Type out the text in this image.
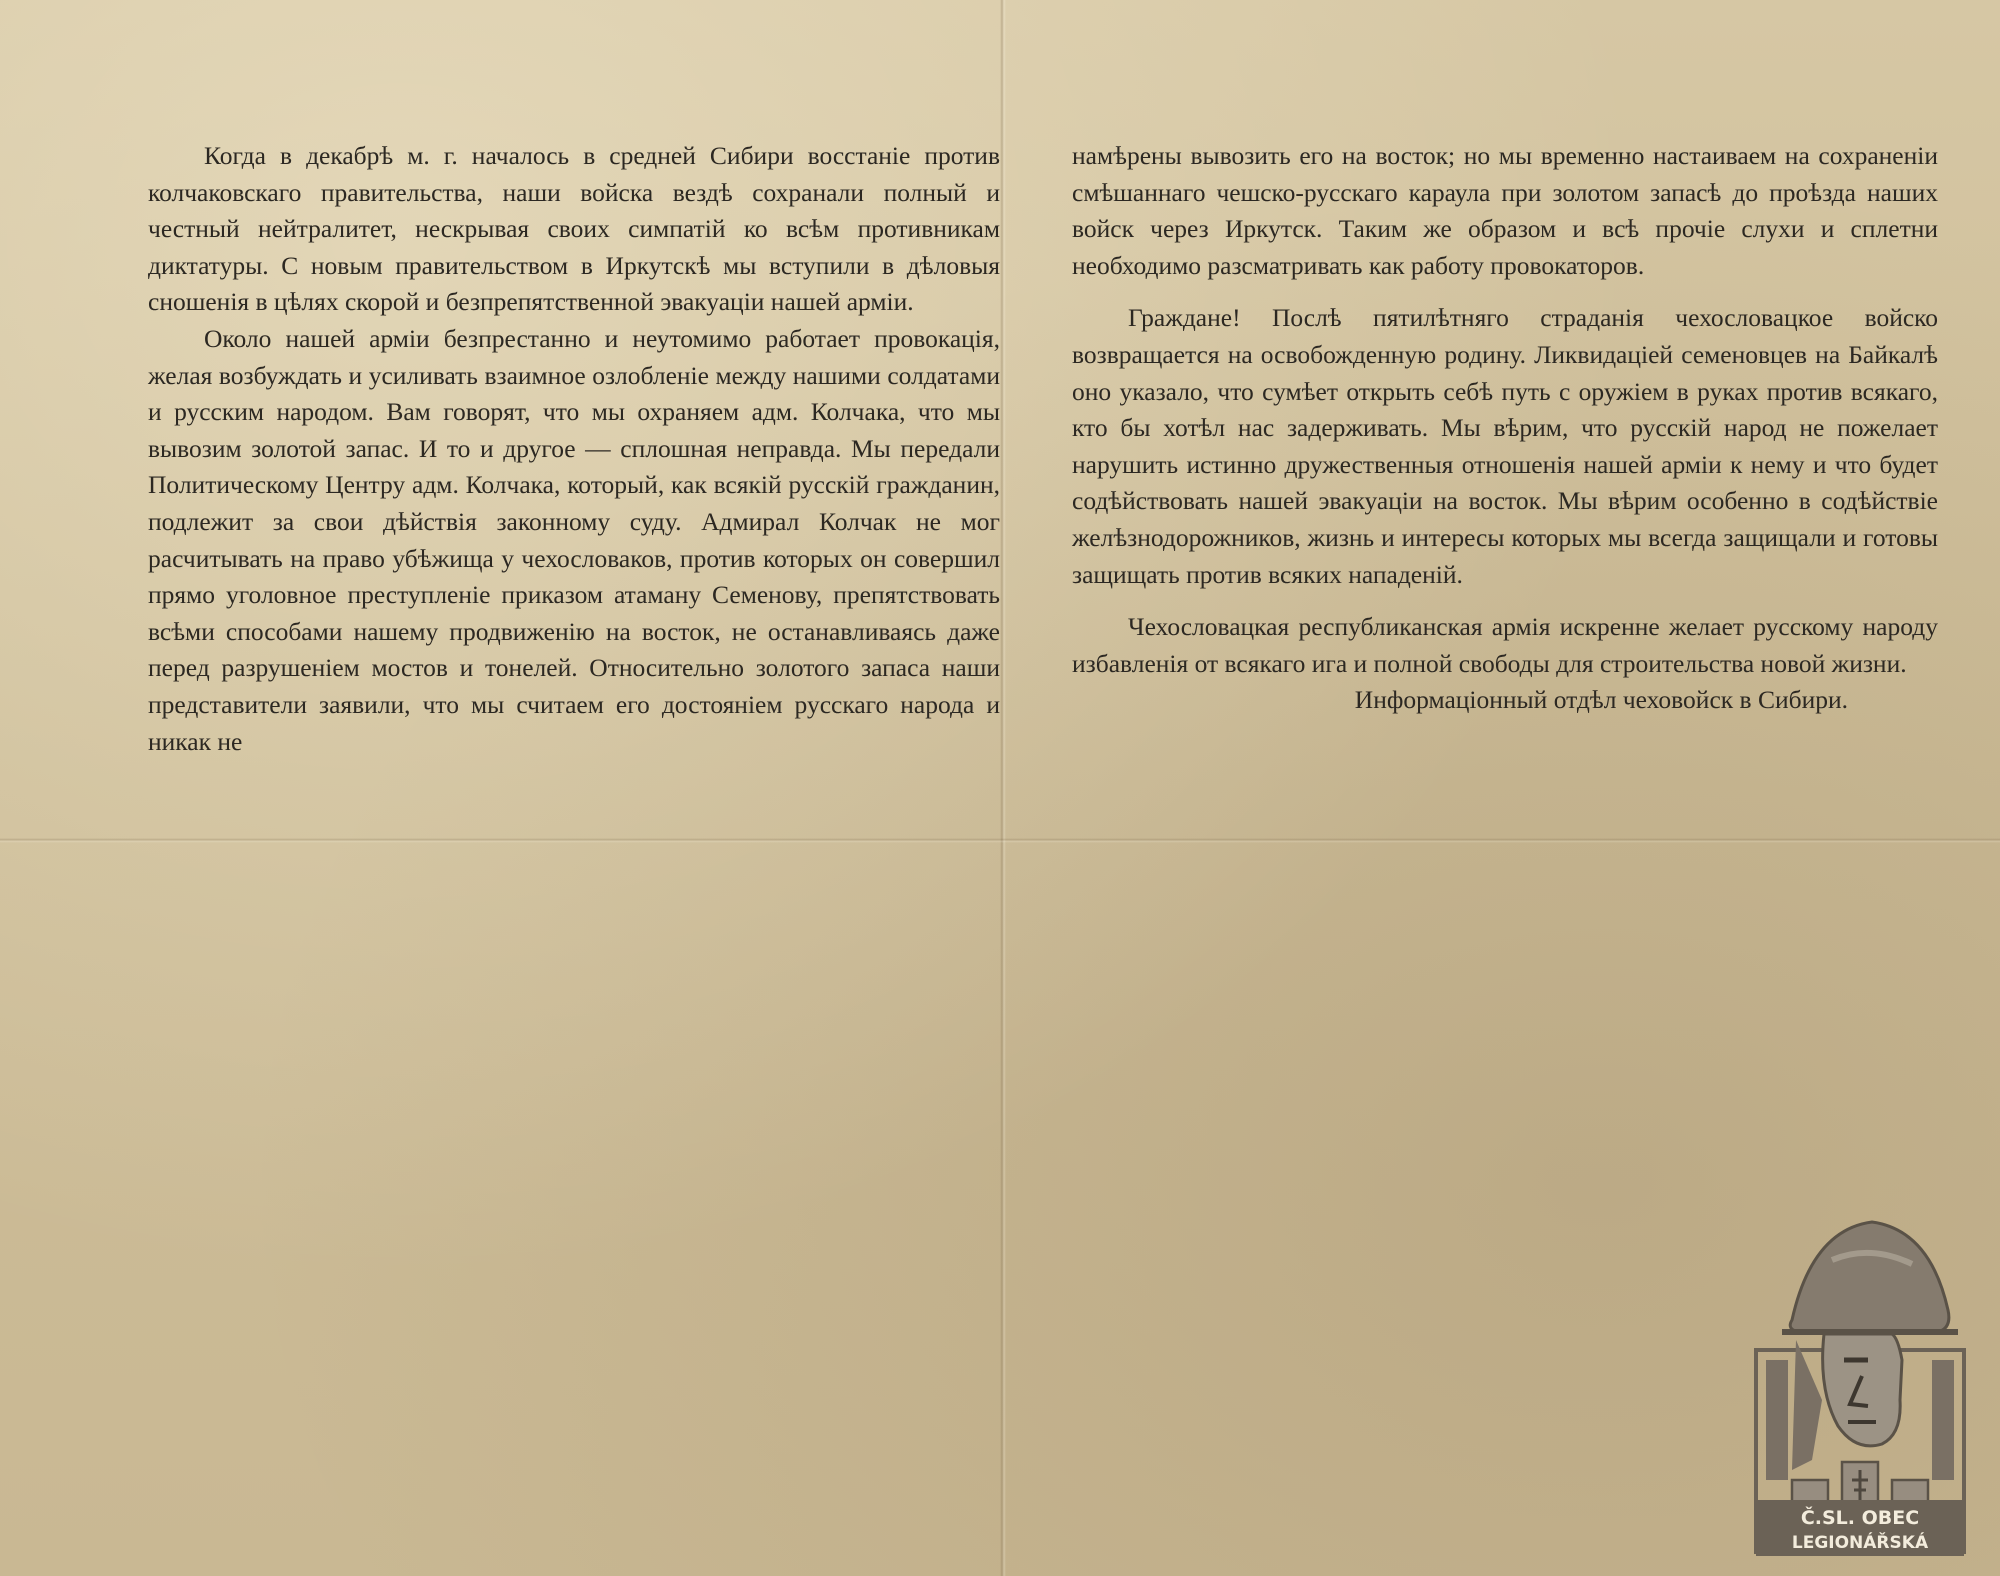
Когда в декабрѣ м. г. началось в средней Сибири восстаніе против колчаковскаго правительства, наши войска вездѣ сохранали полный и честный нейтралитет, нескрывая своих симпатій ко всѣм противникам диктатуры. С новым правительством в Иркутскѣ мы вступили в дѣловыя сношенія в цѣлях скорой и безпрепятственной эвакуаціи нашей арміи.

Около нашей арміи безпрестанно и неутомимо работает провокація, желая возбуждать и усиливать взаимное озлобленіе между нашими солдатами и русским народом. Вам говорят, что мы охраняем адм. Колчака, что мы вывозим золотой запас. И то и другое — сплошная неправда. Мы передали Политическому Центру адм. Колчака, который, как всякій русскій гражданин, подлежит за свои дѣйствія законному суду. Адмирал Колчак не мог расчитывать на право убѣжища у чехословаков, против которых он совершил прямо уголовное преступленіе приказом атаману Семенову, препятствовать всѣми способами нашему продвиженію на восток, не останавливаясь даже перед разрушеніем мостов и тонелей. Относительно золотого запаса наши представители заявили, что мы считаем его достояніем русскаго народа и никак не

намѣрены вывозить его на восток; но мы временно настаиваем на сохраненіи смѣшаннаго чешско-русскаго караула при золотом запасѣ до проѣзда наших войск через Иркутск. Таким же образом и всѣ прочіе слухи и сплетни необходимо разсматривать как работу провокаторов.

Граждане! Послѣ пятилѣтняго страданія чехословацкое войско возвращается на освобожденную родину. Ликвидаціей семеновцев на Байкалѣ оно указало, что сумѣет открыть себѣ путь с оружіем в руках против всякаго, кто бы хотѣл нас задерживать. Мы вѣрим, что русскій народ не пожелает нарушить истинно дружественныя отношенія нашей арміи к нему и что будет содѣйствовать нашей эвакуаціи на восток. Мы вѣрим особенно в содѣйствіе желѣзнодорожников, жизнь и интересы которых мы всегда защищали и готовы защищать против всяких нападеній.

Чехословацкая республиканская армія искренне желает русскому народу избавленія от всякаго ига и полной свободы для строительства новой жизни.

Информаціонный отдѣл чеховойск в Сибири.

Č.SL. OBEC
LEGIONÁŘSKÁ
